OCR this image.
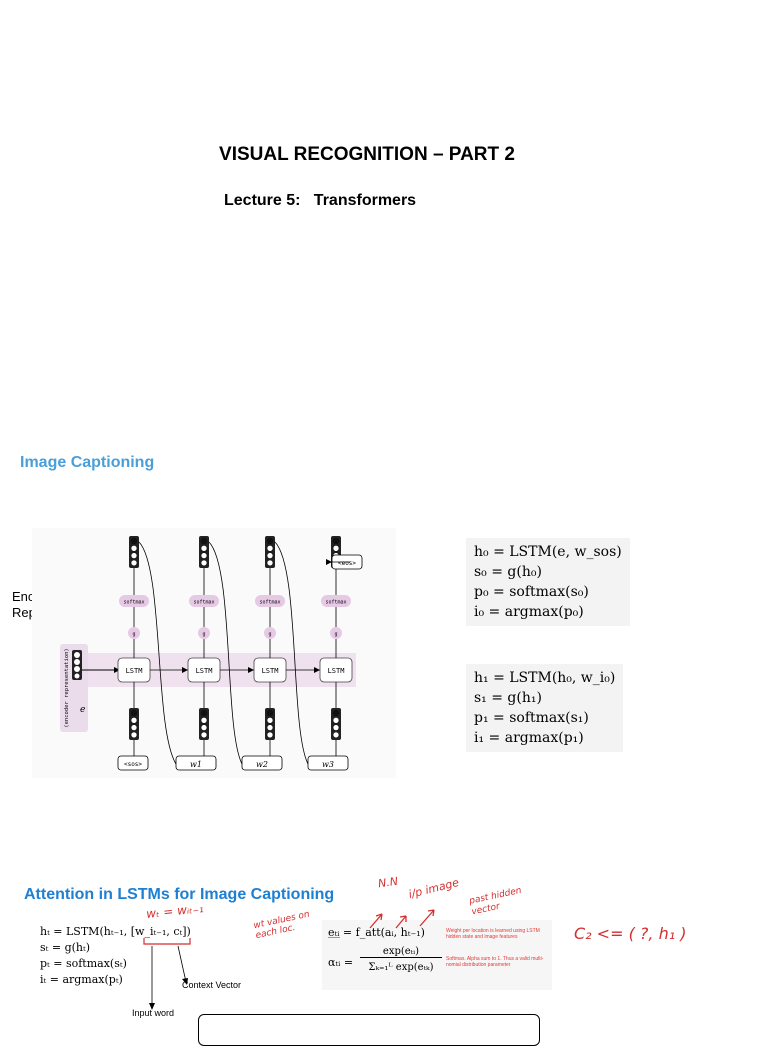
VISUAL RECOGNITION – PART 2
Lecture 5:   Transformers
Image Captioning
Encoder
Representation
(encoder representation) e
softmax
g
LSTM
w1
softmax
g
LSTM
w2
softmax
g
LSTM
w3
softmax
g
LSTM
<sos>
<eos>
h₀ = LSTM(e, w_sos)
s₀ = g(h₀)
p₀ = softmax(s₀)
i₀ = argmax(p₀)
h₁ = LSTM(h₀, w_i₀)
s₁ = g(h₁)
p₁ = softmax(s₁)
i₁ = argmax(p₁)
Attention in LSTMs for Image Captioning
hₜ = LSTM(hₜ₋₁, [w_iₜ₋₁, cₜ])
sₜ = g(hₜ)
pₜ = softmax(sₜ)
iₜ = argmax(pₜ)	Context Vector
Input word
eₜᵢ = f_att(aᵢ, hₜ₋₁)
αₜᵢ =
exp(eₜᵢ)
Σₖ₌₁ᴸ exp(eₜₖ)
Weight per location is learned using LSTM hidden state and image features
Softmax. Alpha sum to 1. Thus a valid multi-nomial distribution parameter
wₜ = wᵢₜ₋₁	wt values on each loc.
N.N i/p image past hidden vector
C₂ <= ( ?, h₁ )
